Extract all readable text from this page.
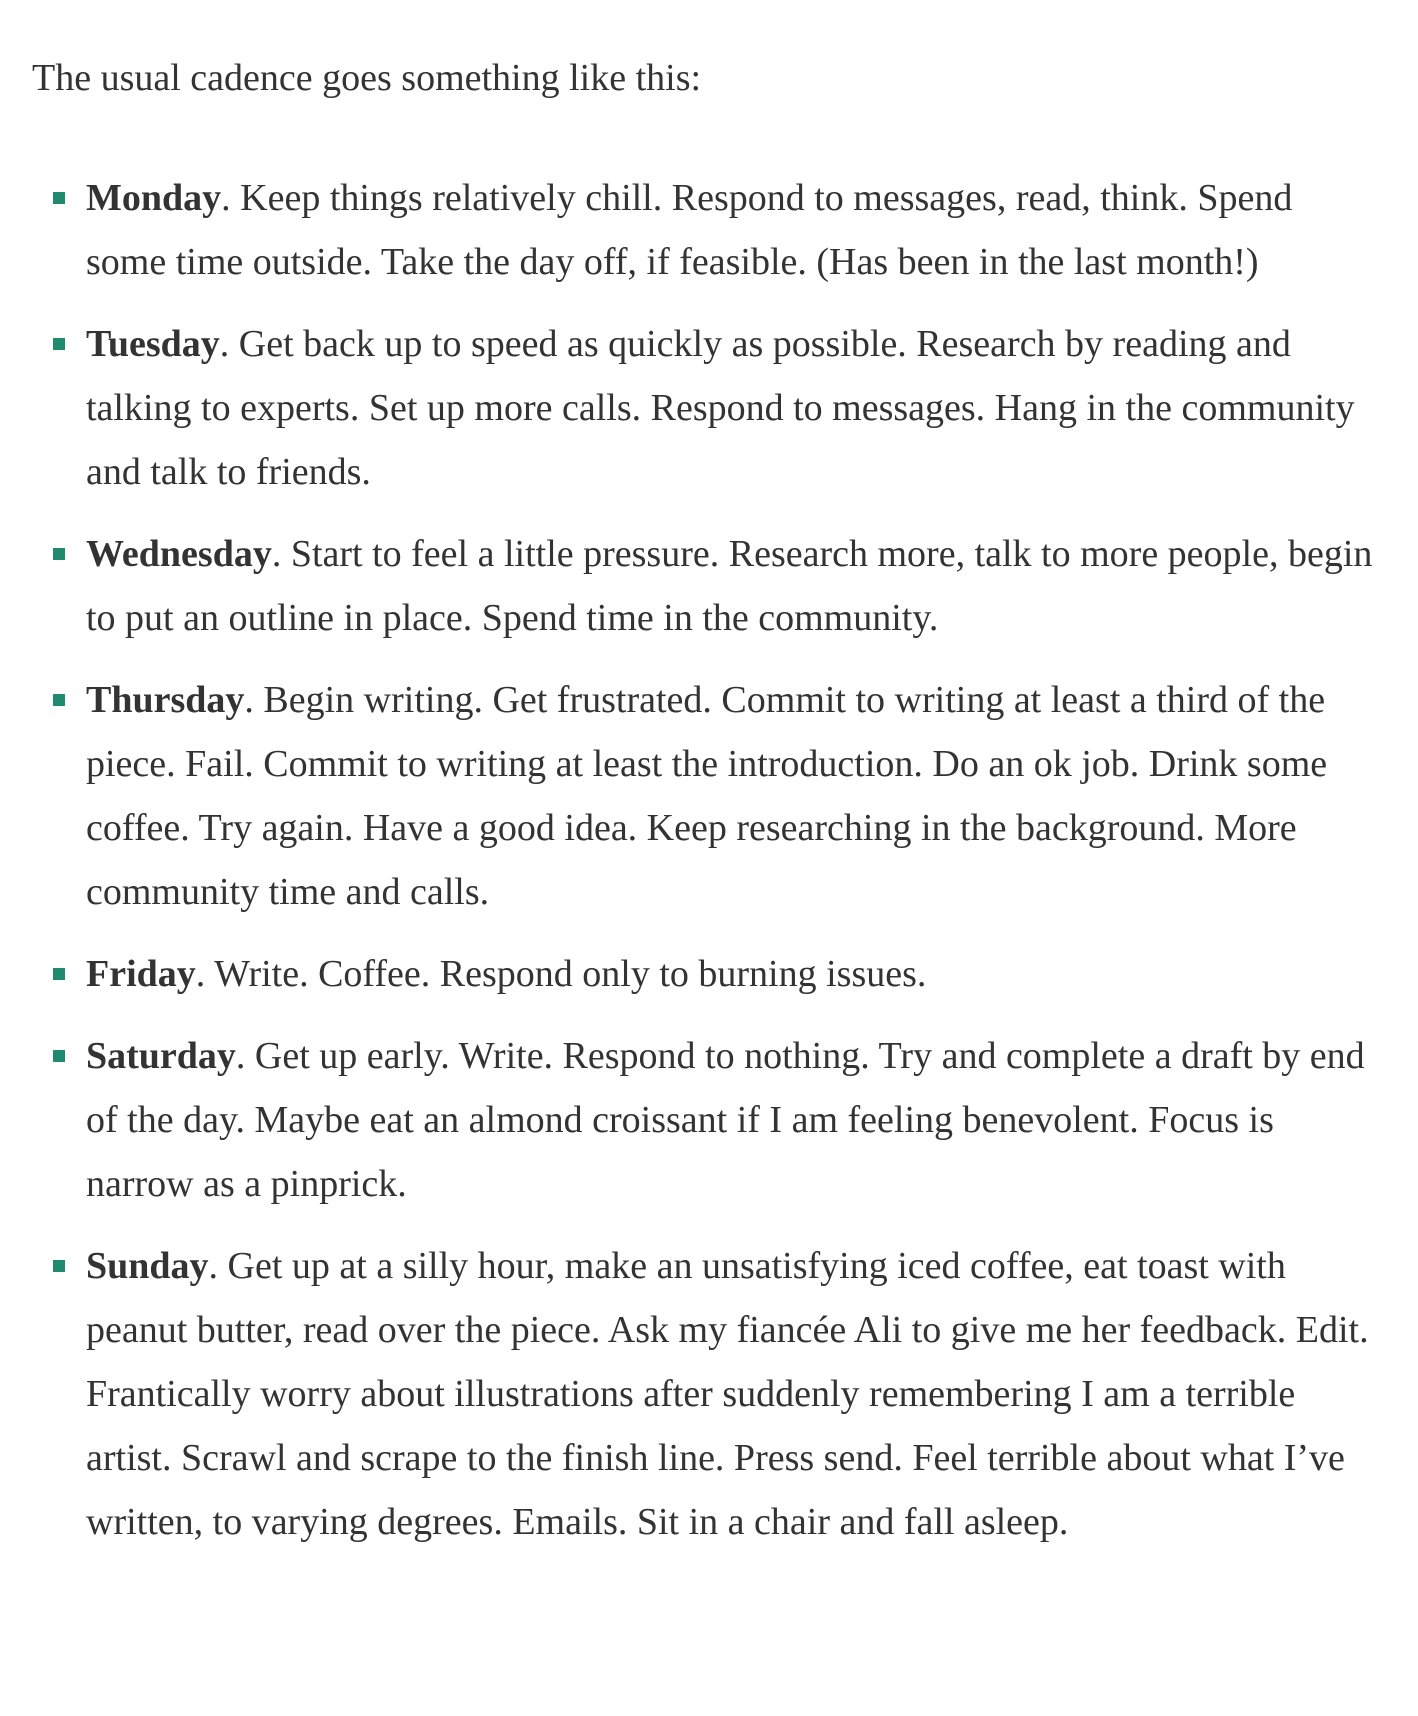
The usual cadence goes something like this:

Monday. Keep things relatively chill. Respond to messages, read, think. Spend some time outside. Take the day off, if feasible. (Has been in the last month!)
Tuesday. Get back up to speed as quickly as possible. Research by reading and talking to experts. Set up more calls. Respond to messages. Hang in the community and talk to friends.
Wednesday. Start to feel a little pressure. Research more, talk to more people, begin to put an outline in place. Spend time in the community.
Thursday. Begin writing. Get frustrated. Commit to writing at least a third of the piece. Fail. Commit to writing at least the introduction. Do an ok job. Drink some coffee. Try again. Have a good idea. Keep researching in the background. More community time and calls.
Friday. Write. Coffee. Respond only to burning issues.
Saturday. Get up early. Write. Respond to nothing. Try and complete a draft by end of the day. Maybe eat an almond croissant if I am feeling benevolent. Focus is narrow as a pinprick.
Sunday. Get up at a silly hour, make an unsatisfying iced coffee, eat toast with peanut butter, read over the piece. Ask my fiancée Ali to give me her feedback. Edit. Frantically worry about illustrations after suddenly remembering I am a terrible artist. Scrawl and scrape to the finish line. Press send. Feel terrible about what I’ve written, to varying degrees. Emails. Sit in a chair and fall asleep.
